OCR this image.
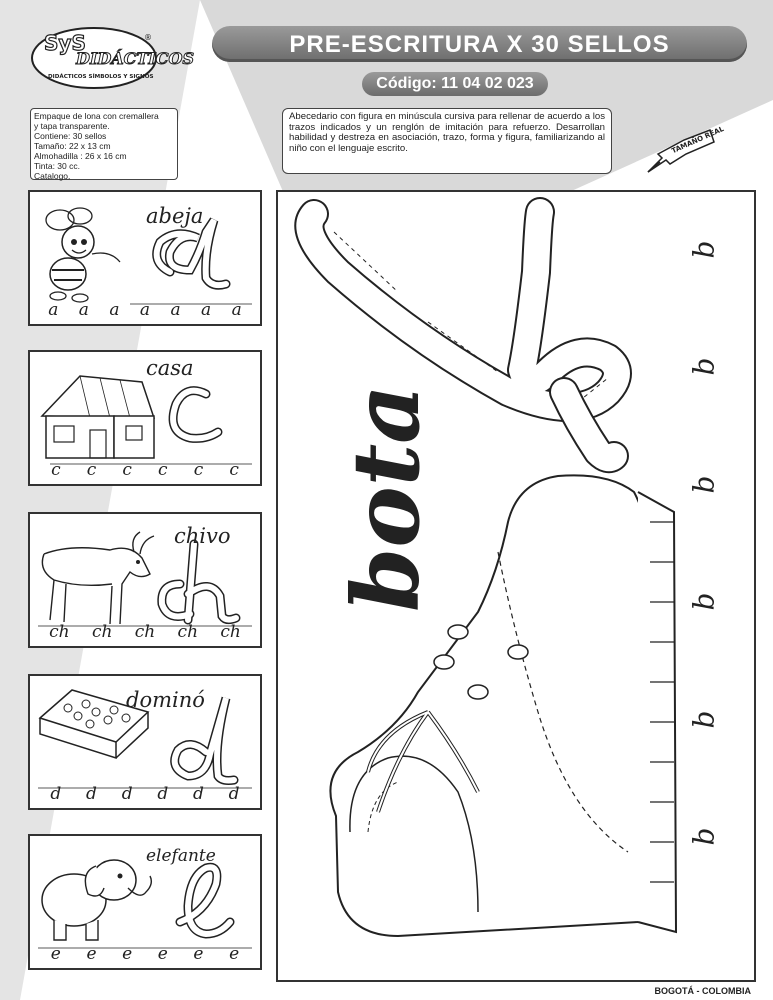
SyS
DIDÁCTICOS
DIDÁCTICOS SÍMBOLOS Y SIGNOS
®	PRE-ESCRITURA X 30 SELLOS
Código: 11 04 02 023
Empaque de lona con cremallera
y tapa transparente.
Contiene: 30 sellos
Tamaño: 22 x 13 cm
Almohadilla : 26 x 16 cm
Tinta: 30 cc.
Catalogo.
Abecedario con figura en minúscula cursiva para rellenar de acuerdo a los trazos indicados y un renglón de imitación para refuerzo. Desarrollan habilidad y destreza en asociación, trazo, forma y figura, familiarizando al niño con el lenguaje escrito.	TAMAÑO REAL
abeja
a a a a a a a
casa
c c c c c c
chivo
ch ch ch ch ch
dominó
d d d d d d
elefante
e e e e e e
bota
b
b
b
b
b
b
BOGOTÁ - COLOMBIA
